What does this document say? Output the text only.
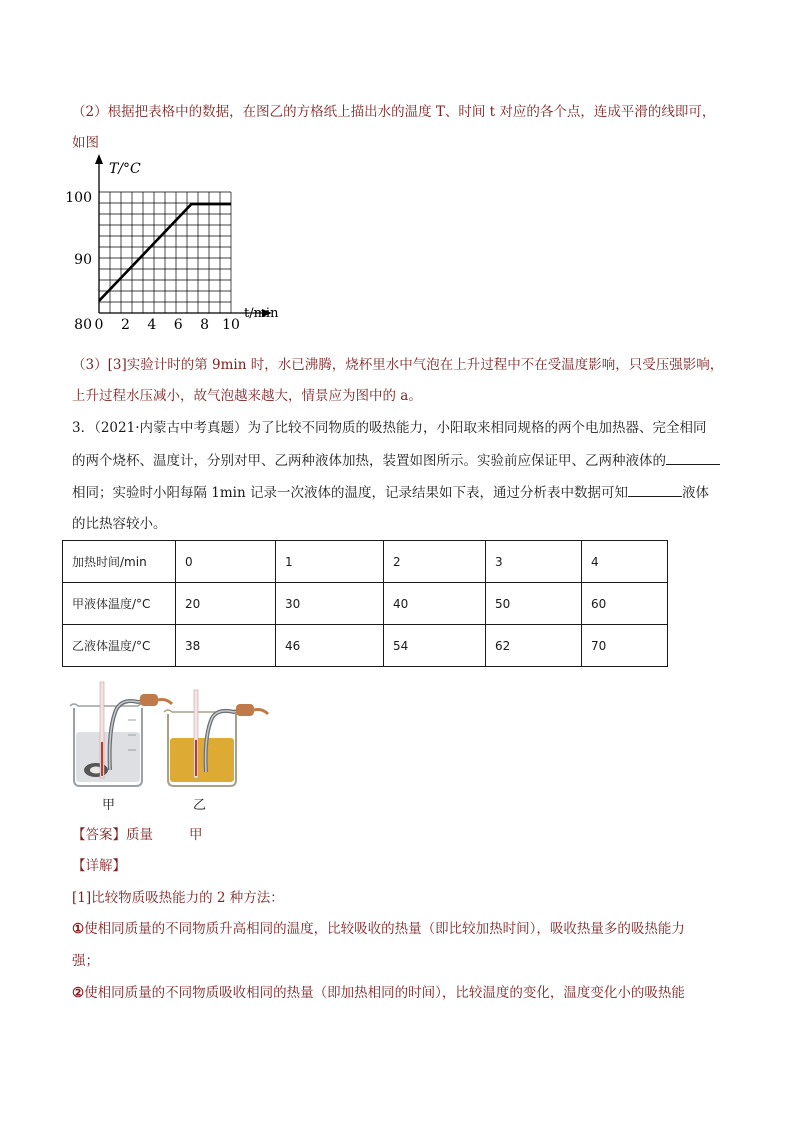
（2）根据把表格中的数据，在图乙的方格纸上描出水的温度 T、时间 t 对应的各个点，连成平滑的线即可，
如图
T/°C
t/min
100
90
80 0 2 4 6 8 10
（3）[3]实验计时的第 9min 时，水已沸腾，烧杯里水中气泡在上升过程中不在受温度影响，只受压强影响，
上升过程水压减小，故气泡越来越大，情景应为图中的 a。
3．（2021·内蒙古中考真题）为了比较不同物质的吸热能力，小阳取来相同规格的两个电加热器、完全相同
的两个烧杯、温度计，分别对甲、乙两种液体加热，装置如图所示。实验前应保证甲、乙两种液体的
相同；实验时小阳每隔 1min 记录一次液体的温度，记录结果如下表，通过分析表中数据可知	液体
的比热容较小。
加热时间/min	0	1	2	3	4
甲液体温度/°C	20	30	40	50	60
乙液体温度/°C	38	46	54	62	70
甲	乙
【答案】质量	甲
【详解】
[1]比较物质吸热能力的 2 种方法：
①使相同质量的不同物质升高相同的温度，比较吸收的热量（即比较加热时间），吸收热量多的吸热能力
强；
②使相同质量的不同物质吸收相同的热量（即加热相同的时间），比较温度的变化，温度变化小的吸热能
